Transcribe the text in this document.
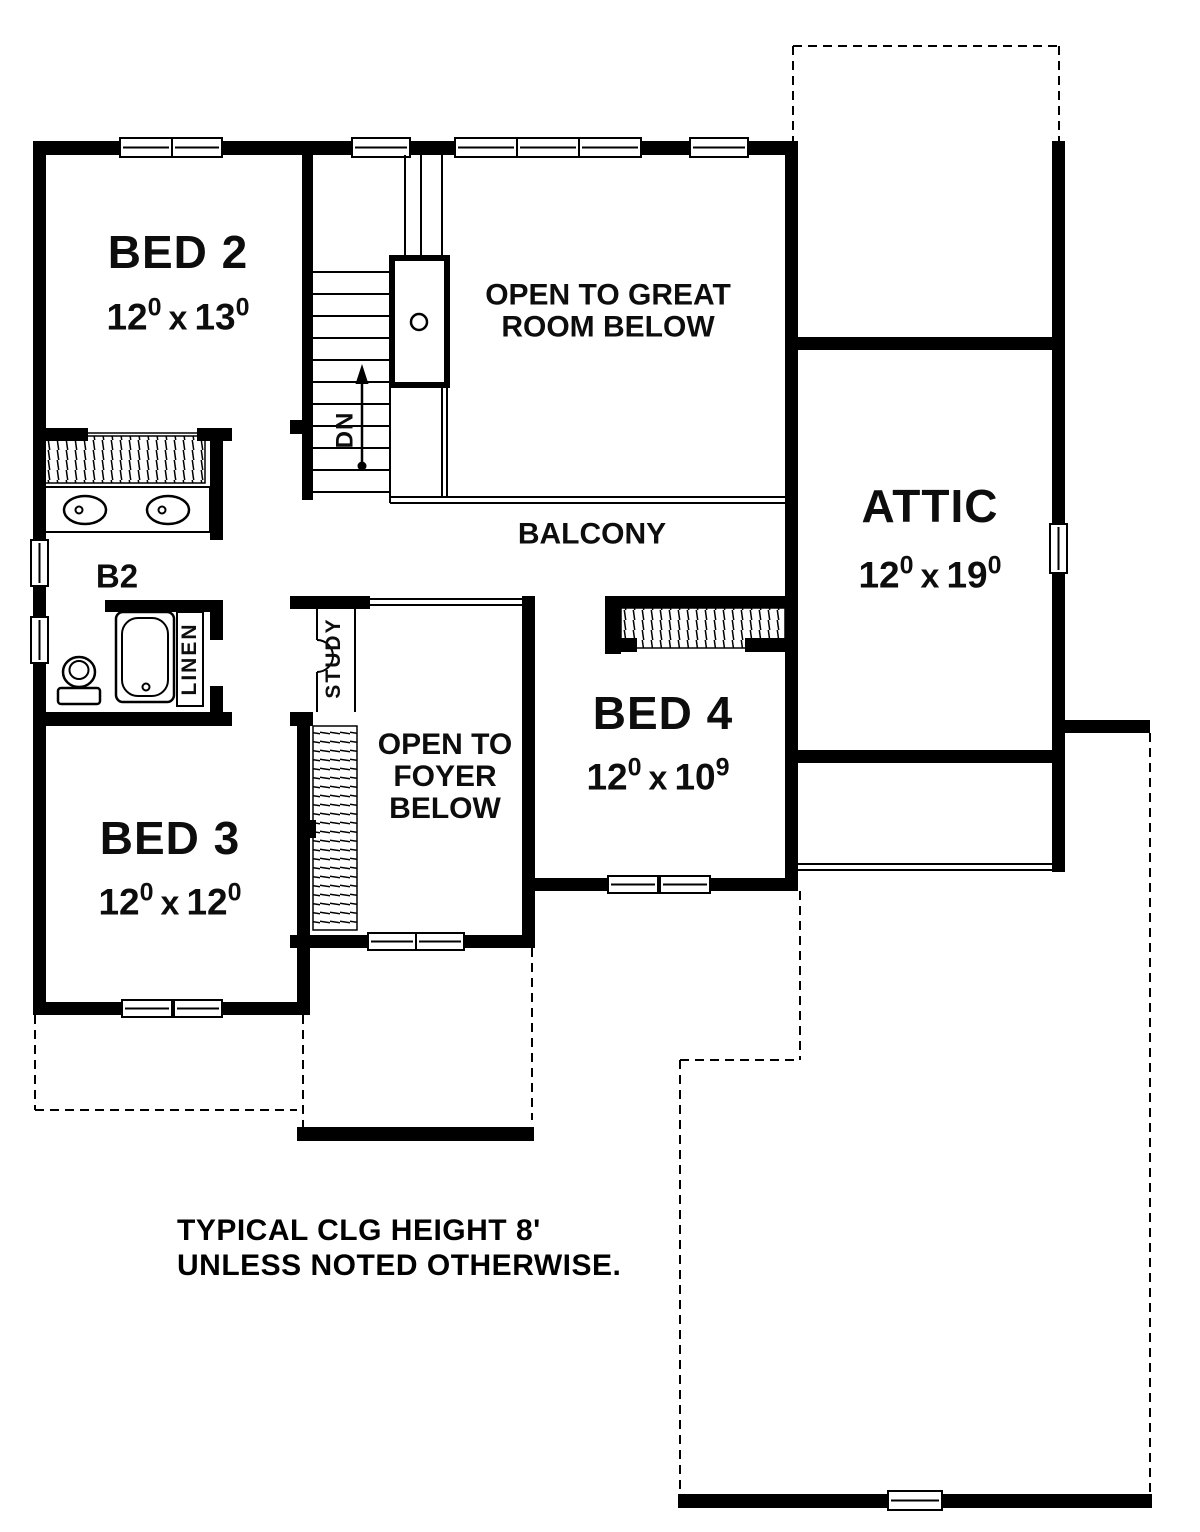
BED 2
120 x 130	OPEN TO GREAT
ROOM BELOW
BALCONY
B2
DN
STUDY
LINEN
OPEN TO
FOYER
BELOW
BED 3
120 x 120
BED 4
120 x 109
ATTIC
120 x 190
TYPICAL CLG HEIGHT 8'
UNLESS NOTED OTHERWISE.
